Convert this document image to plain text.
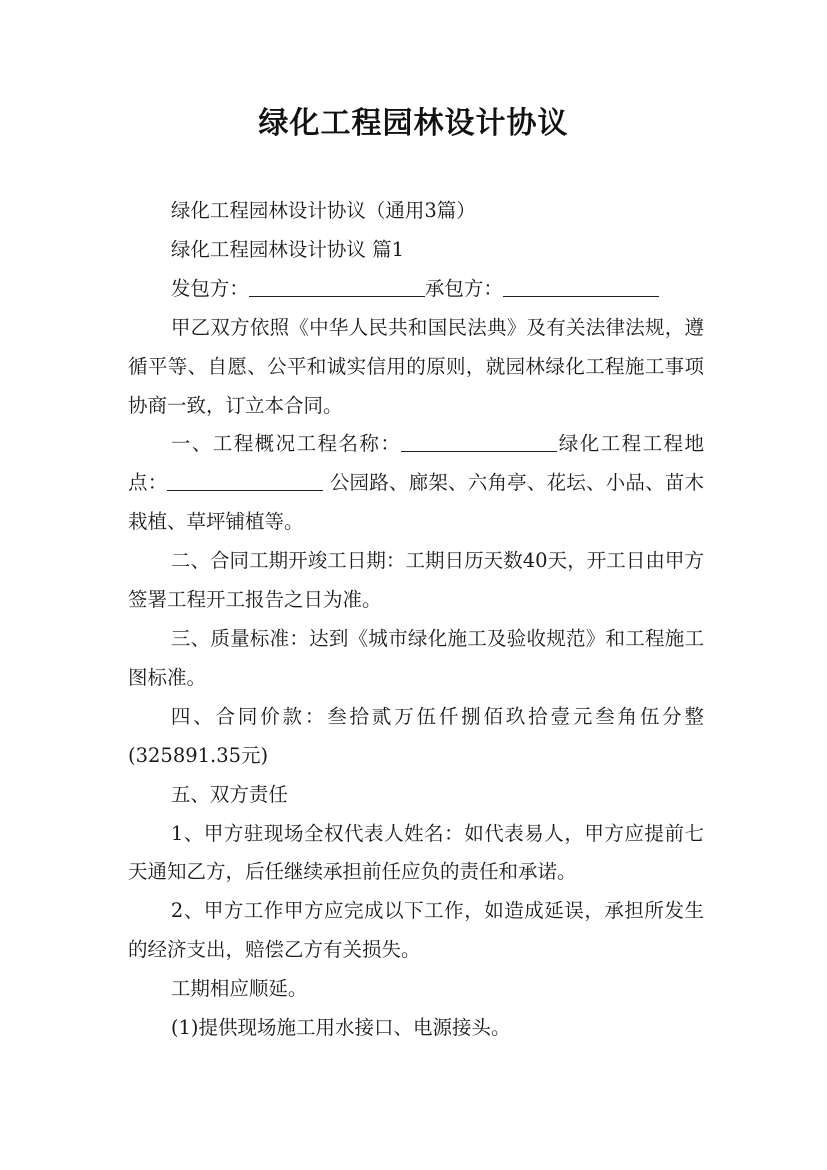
绿化工程园林设计协议

绿化工程园林设计协议（通用3篇）

绿化工程园林设计协议 篇1

发包方：	承包方：

甲乙双方依照《中华人民共和国民法典》及有关法律法规，遵循平等、自愿、公平和诚实信用的原则，就园林绿化工程施工事项协商一致，订立本合同。

一、工程概况工程名称：	绿化工程工程地点：	公园路、廊架、六角亭、花坛、小品、苗木栽植、草坪铺植等。

二、合同工期开竣工日期：工期日历天数40天，开工日由甲方签署工程开工报告之日为准。

三、质量标准：达到《城市绿化施工及验收规范》和工程施工图标准。

四、合同价款：叁拾贰万伍仟捌佰玖拾壹元叁角伍分整(325891.35元)

五、双方责任

1、甲方驻现场全权代表人姓名：如代表易人，甲方应提前七天通知乙方，后任继续承担前任应负的责任和承诺。

2、甲方工作甲方应完成以下工作，如造成延误，承担所发生的经济支出，赔偿乙方有关损失。

工期相应顺延。

(1)提供现场施工用水接口、电源接头。
